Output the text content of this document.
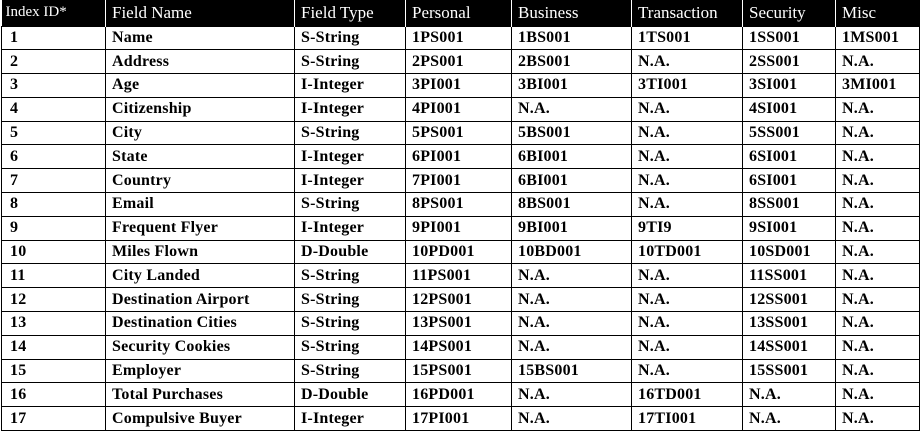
Index ID*	Field Name	Field Type	Personal	Business	Transaction	Security	Misc
1	Name	S-String	1PS001	1BS001	1TS001	1SS001	1MS001
2	Address	S-String	2PS001	2BS001	N.A.	2SS001	N.A.
3	Age	I-Integer	3PI001	3BI001	3TI001	3SI001	3MI001
4	Citizenship	I-Integer	4PI001	N.A.	N.A.	4SI001	N.A.
5	City	S-String	5PS001	5BS001	N.A.	5SS001	N.A.
6	State	I-Integer	6PI001	6BI001	N.A.	6SI001	N.A.
7	Country	I-Integer	7PI001	6BI001	N.A.	6SI001	N.A.
8	Email	S-String	8PS001	8BS001	N.A.	8SS001	N.A.
9	Frequent Flyer	I-Integer	9PI001	9BI001	9TI9	9SI001	N.A.
10	Miles Flown	D-Double	10PD001	10BD001	10TD001	10SD001	N.A.
11	City Landed	S-String	11PS001	N.A.	N.A.	11SS001	N.A.
12	Destination Airport	S-String	12PS001	N.A.	N.A.	12SS001	N.A.
13	Destination Cities	S-String	13PS001	N.A.	N.A.	13SS001	N.A.
14	Security Cookies	S-String	14PS001	N.A.	N.A.	14SS001	N.A.
15	Employer	S-String	15PS001	15BS001	N.A.	15SS001	N.A.
16	Total Purchases	D-Double	16PD001	N.A.	16TD001	N.A.	N.A.
17	Compulsive Buyer	I-Integer	17PI001	N.A.	17TI001	N.A.	N.A.
